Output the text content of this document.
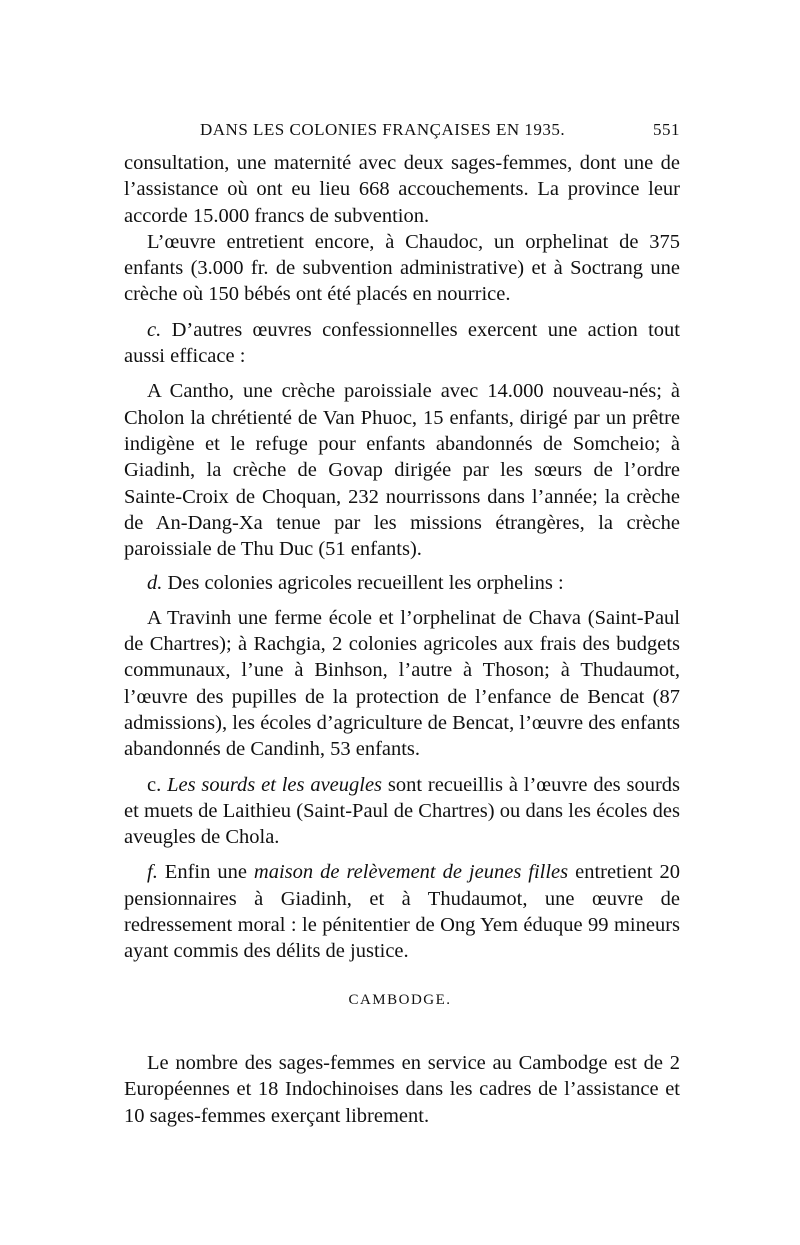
DANS LES COLONIES FRANÇAISES EN 1935.	551

consultation, une maternité avec deux sages-femmes, dont une de l’assistance où ont eu lieu 668 accouchements. La province leur accorde 15.000 francs de subvention.

L’œuvre entretient encore, à Chaudoc, un orphelinat de 375 enfants (3.000 fr. de subvention administrative) et à Soctrang une crèche où 150 bébés ont été placés en nourrice.

c. D’autres œuvres confessionnelles exercent une action tout aussi efficace :

A Cantho, une crèche paroissiale avec 14.000 nouveau-nés; à Cholon la chrétienté de Van Phuoc, 15 enfants, dirigé par un prêtre indigène et le refuge pour enfants abandonnés de Somcheio; à Giadinh, la crèche de Govap dirigée par les sœurs de l’ordre Sainte-Croix de Choquan, 232 nourrissons dans l’année; la crèche de An-Dang-Xa tenue par les missions étrangères, la crèche paroissiale de Thu Duc (51 enfants).

d. Des colonies agricoles recueillent les orphelins :

A Travinh une ferme école et l’orphelinat de Chava (Saint-Paul de Chartres); à Rachgia, 2 colonies agricoles aux frais des budgets communaux, l’une à Binhson, l’autre à Thoson; à Thudaumot, l’œuvre des pupilles de la protection de l’enfance de Bencat (87 admissions), les écoles d’agriculture de Bencat, l’œuvre des enfants abandonnés de Candinh, 53 enfants.

c. Les sourds et les aveugles sont recueillis à l’œuvre des sourds et muets de Laithieu (Saint-Paul de Chartres) ou dans les écoles des aveugles de Chola.

f. Enfin une maison de relèvement de jeunes filles entretient 20 pensionnaires à Giadinh, et à Thudaumot, une œuvre de redressement moral : le pénitentier de Ong Yem éduque 99 mineurs ayant commis des délits de justice.

CAMBODGE.

Le nombre des sages-femmes en service au Cambodge est de 2 Européennes et 18 Indochinoises dans les cadres de l’assistance et 10 sages-femmes exerçant librement.
